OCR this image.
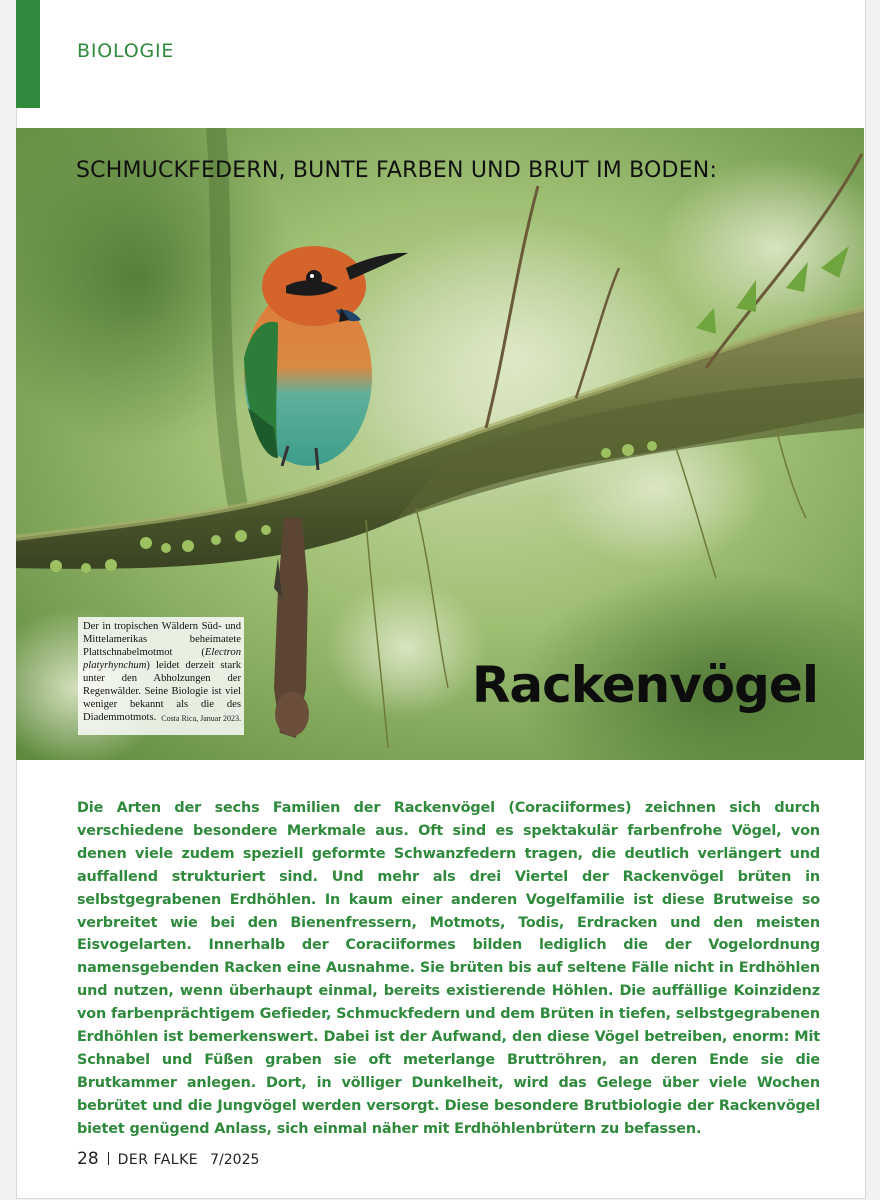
BIOLOGIE
SCHMUCKFEDERN, BUNTE FARBEN UND BRUT IM BODEN:
Rackenvögel
Der in tropischen Wäldern Süd- und Mittelamerikas beheimatete Plattschnabelmotmot (Electron platyrhynchum) leidet derzeit stark unter den Abholzungen der Regenwälder. Seine Biologie ist viel weniger bekannt als die des Diademmotmots. Costa Rica, Januar 2023.
Die Arten der sechs Familien der Rackenvögel (Coraciiformes) zeichnen sich durch verschiedene besondere Merkmale aus. Oft sind es spektakulär farbenfrohe Vögel, von denen viele zudem speziell geformte Schwanzfedern tragen, die deutlich verlängert und auffallend strukturiert sind. Und mehr als drei Viertel der Rackenvögel brüten in selbstgegrabenen Erdhöhlen. In kaum einer anderen Vogelfamilie ist diese Brutweise so verbreitet wie bei den Bienenfressern, Motmots, Todis, Erdracken und den meisten Eisvogelarten. Innerhalb der Coraciiformes bilden lediglich die der Vogelordnung namensgebenden Racken eine Ausnahme. Sie brüten bis auf seltene Fälle nicht in Erdhöhlen und nutzen, wenn überhaupt einmal, bereits existierende Höhlen. Die auffällige Koinzidenz von farbenprächtigem Gefieder, Schmuckfedern und dem Brüten in tiefen, selbstgegrabenen Erdhöhlen ist bemerkenswert. Dabei ist der Aufwand, den diese Vögel betreiben, enorm: Mit Schnabel und Füßen graben sie oft meterlange Bruttröhren, an deren Ende sie die Brutkammer anlegen. Dort, in völliger Dunkelheit, wird das Gelege über viele Wochen bebrütet und die Jungvögel werden versorgt. Diese besondere Brutbiologie der Rackenvögel bietet genügend Anlass, sich einmal näher mit Erdhöhlenbrütern zu befassen.
28 DER FALKE 7/2025
